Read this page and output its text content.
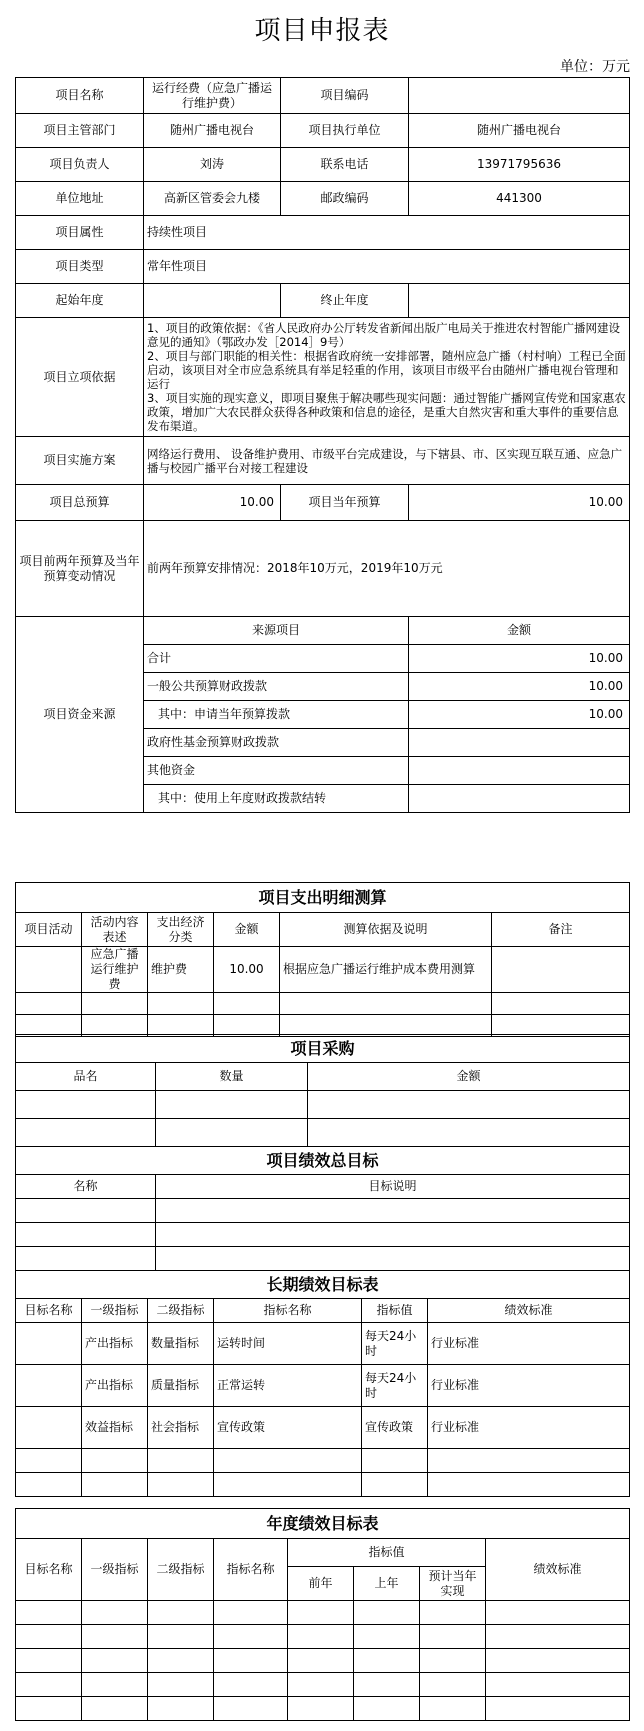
项目申报表
单位：万元
项目名称	运行经费（应急广播运行维护费）	项目编码	
项目主管部门	随州广播电视台	项目执行单位	随州广播电视台
项目负责人	刘涛	联系电话	13971795636
单位地址	高新区管委会九楼	邮政编码	441300
项目属性	持续性项目		
项目类型	常年性项目		
起始年度		终止年度	
项目立项依据	1、项目的政策依据：《省人民政府办公厅转发省新闻出版广电局关于推进农村智能广播网建设意见的通知》（鄂政办发［2014］9号）
2、项目与部门职能的相关性：根据省政府统一安排部署，随州应急广播（村村响）工程已全面启动，该项目对全市应急系统具有举足轻重的作用，该项目市级平台由随州广播电视台管理和运行
3、项目实施的现实意义，即项目聚焦于解决哪些现实问题：通过智能广播网宣传党和国家惠农政策，增加广大农民群众获得各种政策和信息的途径，是重大自然灾害和重大事件的重要信息发布渠道。		

项目实施方案	网络运行费用、 设备维护费用、市级平台完成建设，与下辖县、市、区实现互联互通、应急广播与校园广播平台对接工程建设		
项目总预算	10.00	项目当年预算	10.00
项目前两年预算及当年预算变动情况	前两年预算安排情况：2018年10万元，2019年10万元		
项目资金来源	来源项目		金额
	合计		10.00
	一般公共预算财政拨款		10.00
	其中：申请当年预算拨款		10.00
	政府性基金预算财政拨款		
	其他资金		
	其中：使用上年度财政拨款结转		
项目支出明细测算					
项目活动	活动内容表述	支出经济分类	金额	测算依据及说明	备注
	应急广播运行维护费	维护费	10.00	根据应急广播运行维护成本费用测算	

项目采购		
品名	数量	金额

项目绩效总目标	
名称	目标说明

长期绩效目标表					
目标名称	一级指标	二级指标	指标名称	指标值	绩效标准
	产出指标	数量指标	运转时间	每天24小时	行业标准
	产出指标	质量指标	正常运转	每天24小时	行业标准
	效益指标	社会指标	宣传政策	宣传政策	行业标准

年度绩效目标表							
目标名称	一级指标	二级指标	指标名称	指标值			绩效标准
				前年	上年	预计当年实现	
